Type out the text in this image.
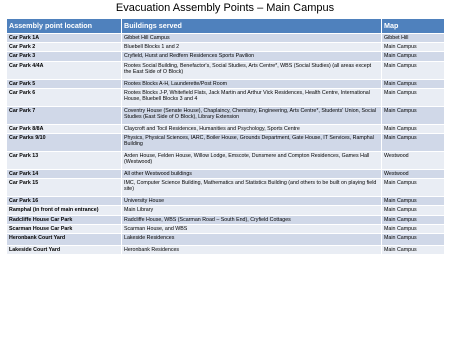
Evacuation Assembly Points – Main Campus
Assembly point location	Buildings served	Map
Car Park 1A	Gibbet Hill Campus	Gibbet Hill
Car Park 2	Bluebell Blocks 1 and 2	Main Campus
Car Park 3	Cryfield, Hurst and Redfern Residences Sports Pavilion	Main Campus
Car Park 4/4A	Rootes Social Building, Benefactor's, Social Studies, Arts Centre*, WBS (Social Studies) (all areas except the East Side of O Block)	Main Campus
Car Park 5	Rootes Blocks A-H, Launderette/Post Room	Main Campus
Car Park 6	Rootes Blocks J-P, Whitefield Flats, Jack Martin and Arthur Vick Residences, Health Centre, International House, Bluebell Blocks 3 and 4	Main Campus
Car Park 7	Coventry House (Senate House), Chaplaincy, Chemistry, Engineering, Arts Centre*, Students' Union, Social Studies (East Side of O Block), Library Extension	Main Campus
Car Park 8/8A	Claycroft and Tocil Residences, Humanities and Psychology, Sports Centre	Main Campus
Car Parks 9/10	Physics, Physical Sciences, IARC, Boiler House, Grounds Department, Gate House, IT Services, Ramphal Building	Main Campus
Car Park 13	Arden House, Felden House, Willow Lodge, Emscote, Dunsmere and Compton Residences, Games Hall (Westwood)	Westwood
Car Park 14	All other Westwood buildings	Westwood
Car Park 15	IMC, Computer Science Building, Mathematics and Statistics Building (and others to be built on playing field site)	Main Campus
Car Park 16	University House	Main Campus
Ramphal (in front of main entrance)	Main Library	Main Campus
Radcliffe House Car Park	Radcliffe House, WBS (Scarman Road – South End), Cryfield Cottages	Main Campus
Scarman House Car Park	Scarman House, and WBS	Main Campus
Heronbank Court Yard	Lakeside Residences	Main Campus
Lakeside Court Yard	Heronbank Residences	Main Campus
